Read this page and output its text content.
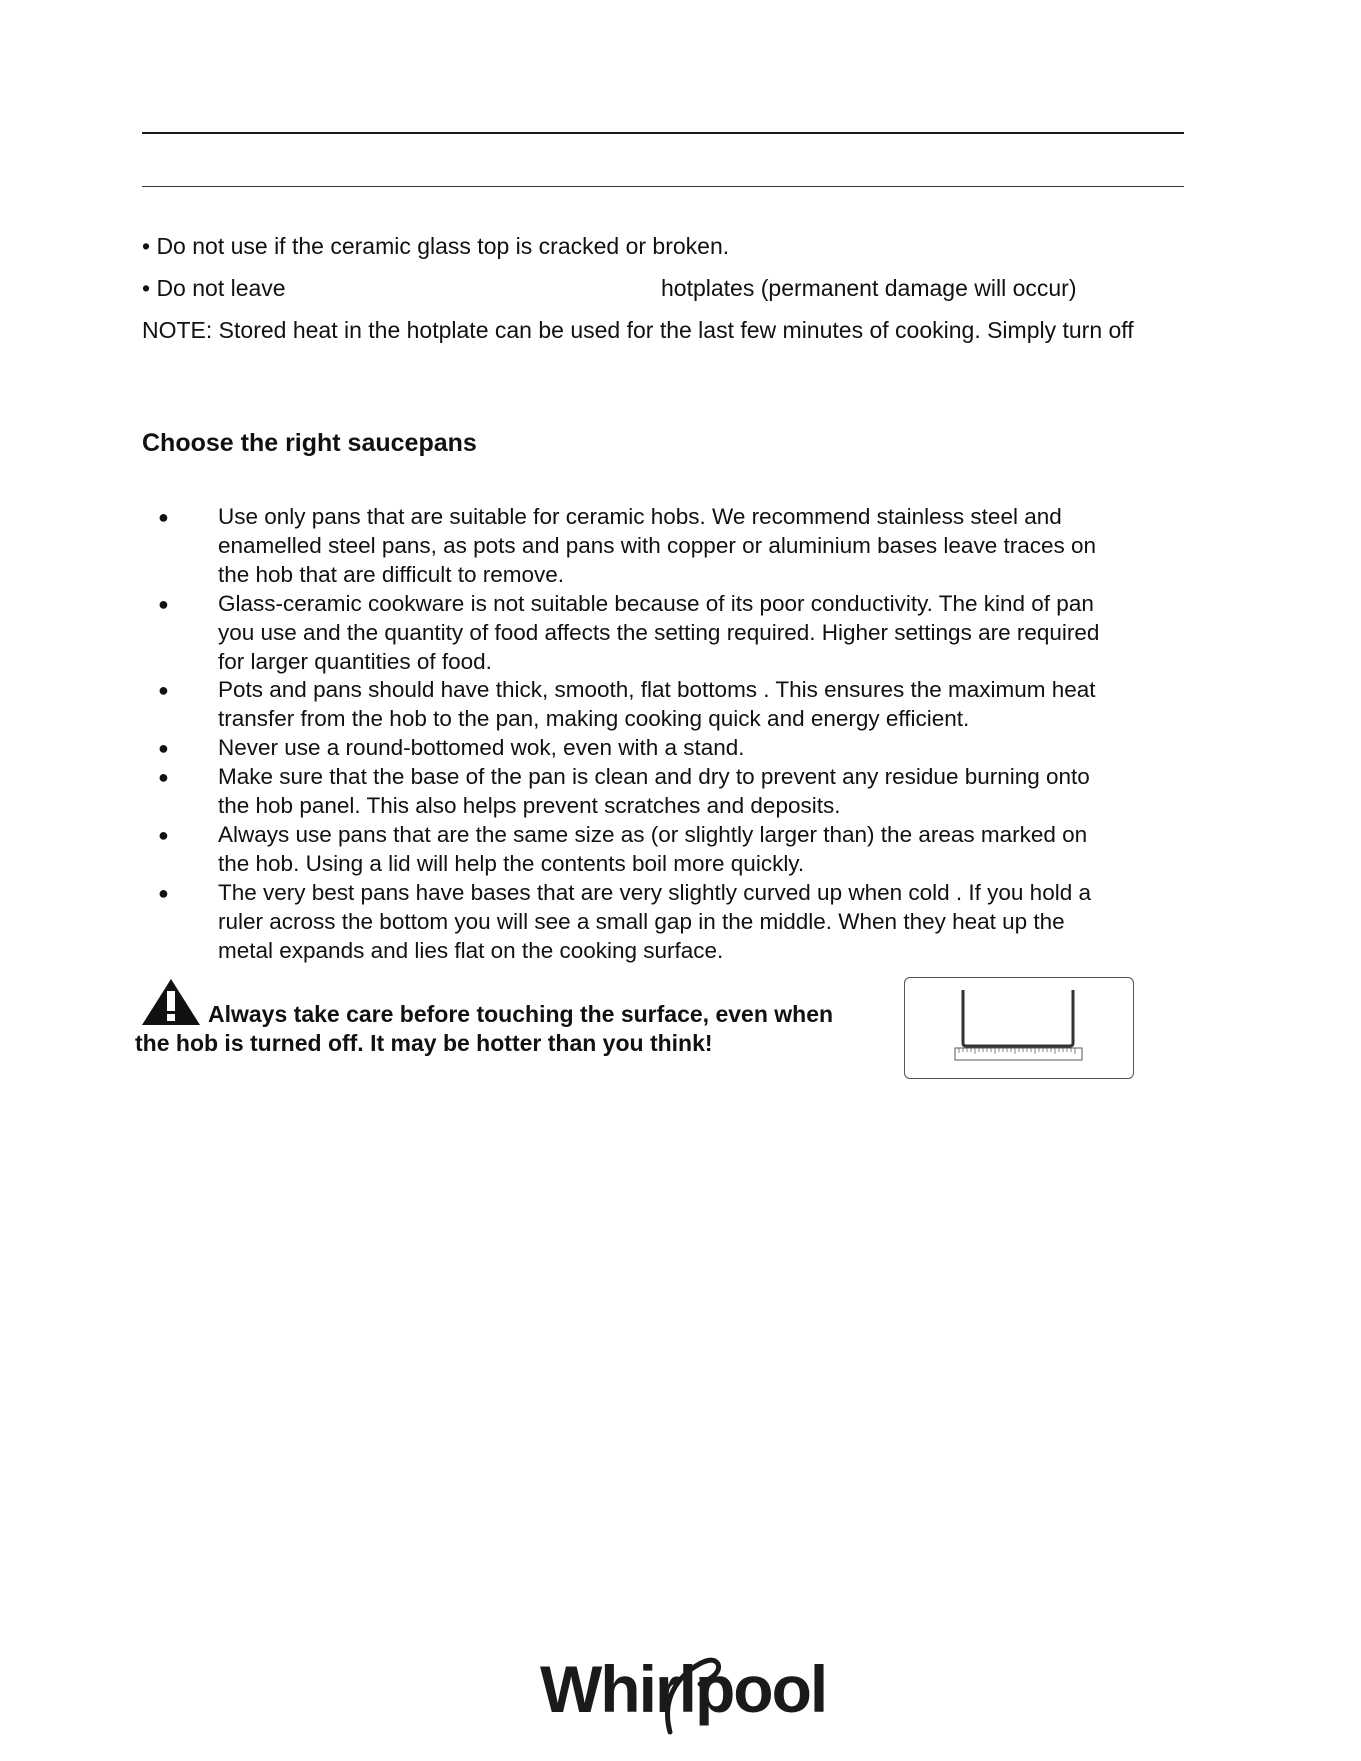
• Do not use if the ceramic glass top is cracked or broken.
• Do not leave	hotplates (permanent damage will occur)
NOTE: Stored heat in the hotplate can be used for the last few minutes of cooking. Simply turn off
Choose the right saucepans
● Use only pans that are suitable for ceramic hobs. We recommend stainless steel and enamelled steel pans, as pots and pans with copper or aluminium bases leave traces on the hob that are difficult to remove.
● Glass-ceramic cookware is not suitable because of its poor conductivity. The kind of pan you use and the quantity of food affects the setting required. Higher settings are required for larger quantities of food.
● Pots and pans should have thick, smooth, flat bottoms . This ensures the maximum heat transfer from the hob to the pan, making cooking quick and energy efficient.
● Never use a round-bottomed wok, even with a stand.
● Make sure that the base of the pan is clean and dry to prevent any residue burning onto the hob panel. This also helps prevent scratches and deposits.
● Always use pans that are the same size as (or slightly larger than) the areas marked on the hob. Using a lid will help the contents boil more quickly.
● The very best pans have bases that are very slightly curved up when cold . If you hold a ruler across the bottom you will see a small gap in the middle. When they heat up the metal expands and lies flat on the cooking surface.
Always take care before touching the surface, even when
the hob is turned off. It may be hotter than you think!
Whirlpool
